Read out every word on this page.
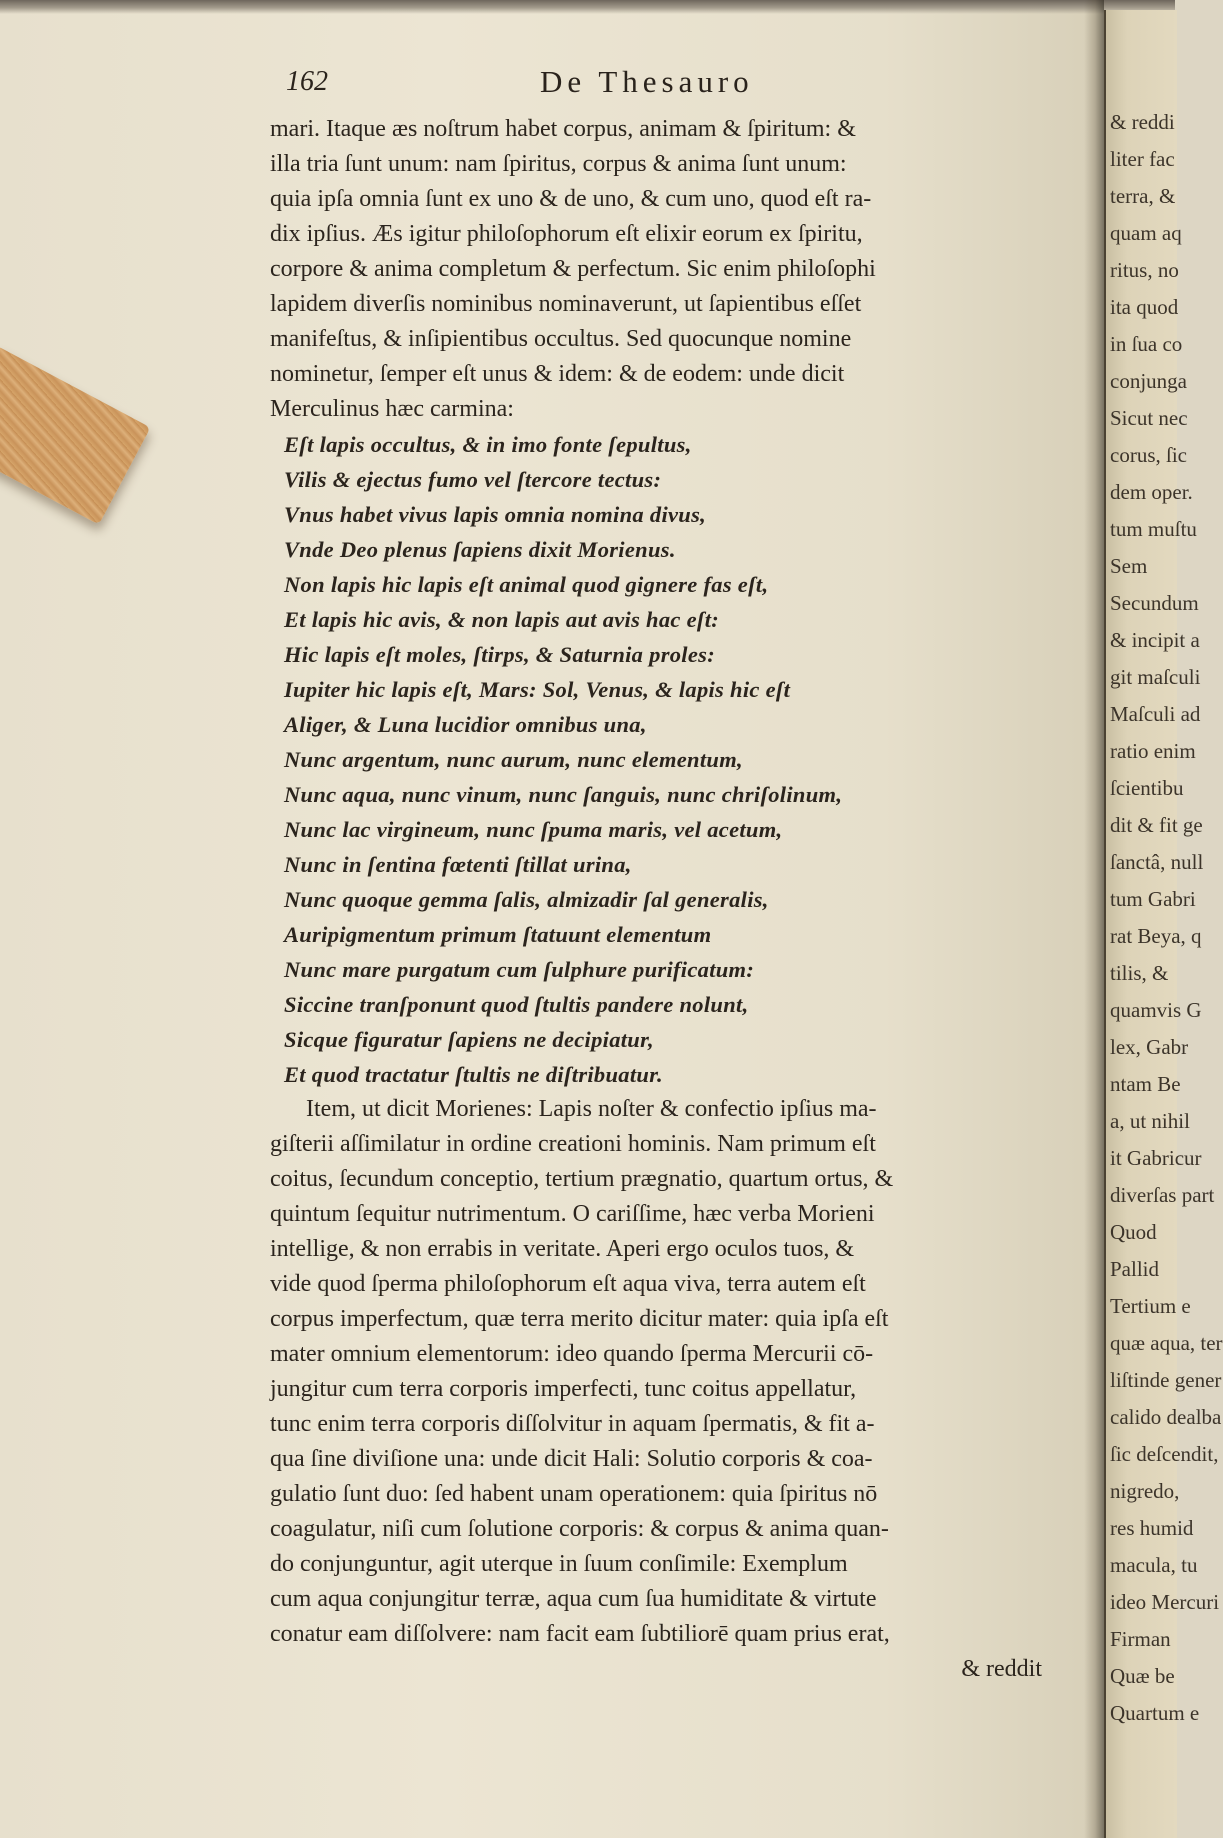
& reddi
liter fac
terra, &
quam aq
ritus, no
ita quod
in ſua co
conjunga
Sicut nec
corus, ſic
dem oper.
tum muſtu
Sem
Secundum
& incipit a
git maſculi
Maſculi ad
ratio enim
ſcientibu
dit & fit ge
ſanctâ, null
tum Gabri
rat Beya, q
tilis, &
quamvis G
lex, Gabr
ntam Be
a, ut nihil
it Gabricur
diverſas part
Quod
Pallid
Tertium e
quæ aqua, ter
liſtinde gener
calido dealba
ſic deſcendit,
nigredo,
res humid
macula, tu
ideo Mercuri
Firman
Quæ be
Quartum e
162	De Thesauro
mari. Itaque æs noſtrum habet corpus, animam & ſpiritum: &
illa tria ſunt unum: nam ſpiritus, corpus & anima ſunt unum:
quia ipſa omnia ſunt ex uno & de uno, & cum uno, quod eſt ra-
dix ipſius. Æs igitur philoſophorum eſt elixir eorum ex ſpiritu,
corpore & anima completum & perfectum. Sic enim philoſophi
lapidem diverſis nominibus nominaverunt, ut ſapientibus eſſet
manifeſtus, & inſipientibus occultus. Sed quocunque nomine
nominetur, ſemper eſt unus & idem: & de eodem: unde dicit
Merculinus hæc carmina:
Eſt lapis occultus, & in imo fonte ſepultus,
Vilis & ejectus fumo vel ſtercore tectus:
Vnus habet vivus lapis omnia nomina divus,
Vnde Deo plenus ſapiens dixit Morienus.
Non lapis hic lapis eſt animal quod gignere fas eſt,
Et lapis hic avis, & non lapis aut avis hac eſt:
Hic lapis eſt moles, ſtirps, & Saturnia proles:
Iupiter hic lapis eſt, Mars: Sol, Venus, & lapis hic eſt
Aliger, & Luna lucidior omnibus una,
Nunc argentum, nunc aurum, nunc elementum,
Nunc aqua, nunc vinum, nunc ſanguis, nunc chriſolinum,
Nunc lac virgineum, nunc ſpuma maris, vel acetum,
Nunc in ſentina fœtenti ſtillat urina,
Nunc quoque gemma ſalis, almizadir ſal generalis,
Auripigmentum primum ſtatuunt elementum
Nunc mare purgatum cum ſulphure purificatum:
Siccine tranſponunt quod ſtultis pandere nolunt,
Sicque figuratur ſapiens ne decipiatur,
Et quod tractatur ſtultis ne diſtribuatur.
Item, ut dicit Morienes: Lapis noſter & confectio ipſius ma-
giſterii aſſimilatur in ordine creationi hominis. Nam primum eſt
coitus, ſecundum conceptio, tertium prægnatio, quartum ortus, &
quintum ſequitur nutrimentum. O cariſſime, hæc verba Morieni
intellige, & non errabis in veritate. Aperi ergo oculos tuos, &
vide quod ſperma philoſophorum eſt aqua viva, terra autem eſt
corpus imperfectum, quæ terra merito dicitur mater: quia ipſa eſt
mater omnium elementorum: ideo quando ſperma Mercurii cō-
jungitur cum terra corporis imperfecti, tunc coitus appellatur,
tunc enim terra corporis diſſolvitur in aquam ſpermatis, & fit a-
qua ſine diviſione una: unde dicit Hali: Solutio corporis & coa-
gulatio ſunt duo: ſed habent unam operationem: quia ſpiritus nō
coagulatur, niſi cum ſolutione corporis: & corpus & anima quan-
do conjunguntur, agit uterque in ſuum conſimile: Exemplum
cum aqua conjungitur terræ, aqua cum ſua humiditate & virtute
conatur eam diſſolvere: nam facit eam ſubtiliorē quam prius erat,
& reddit
